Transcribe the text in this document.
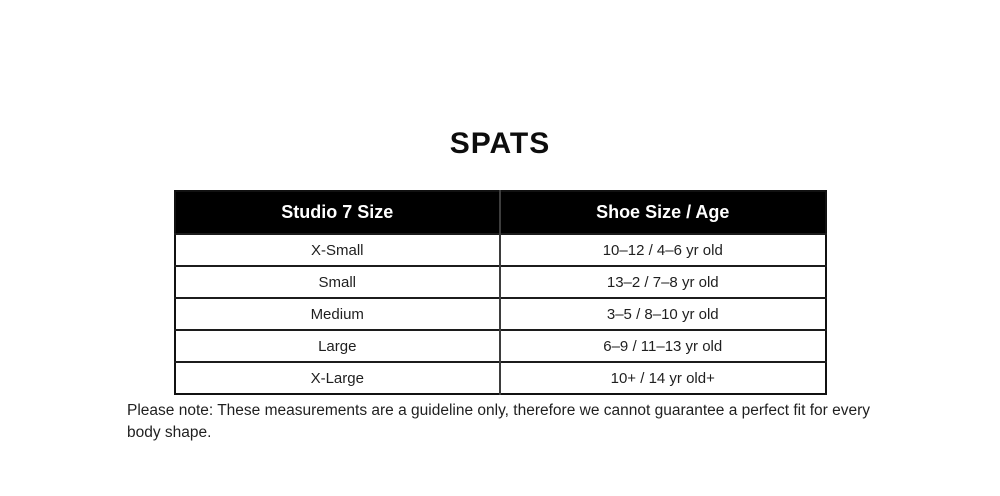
SPATS
Studio 7 Size	Shoe Size / Age
X-Small	10–12 / 4–6 yr old
Small	13–2 / 7–8 yr old
Medium	3–5 / 8–10 yr old
Large	6–9 / 11–13 yr old
X-Large	10+ / 14 yr old+

Please note: These measurements are a guideline only, therefore we cannot guarantee a perfect fit for every body shape.
